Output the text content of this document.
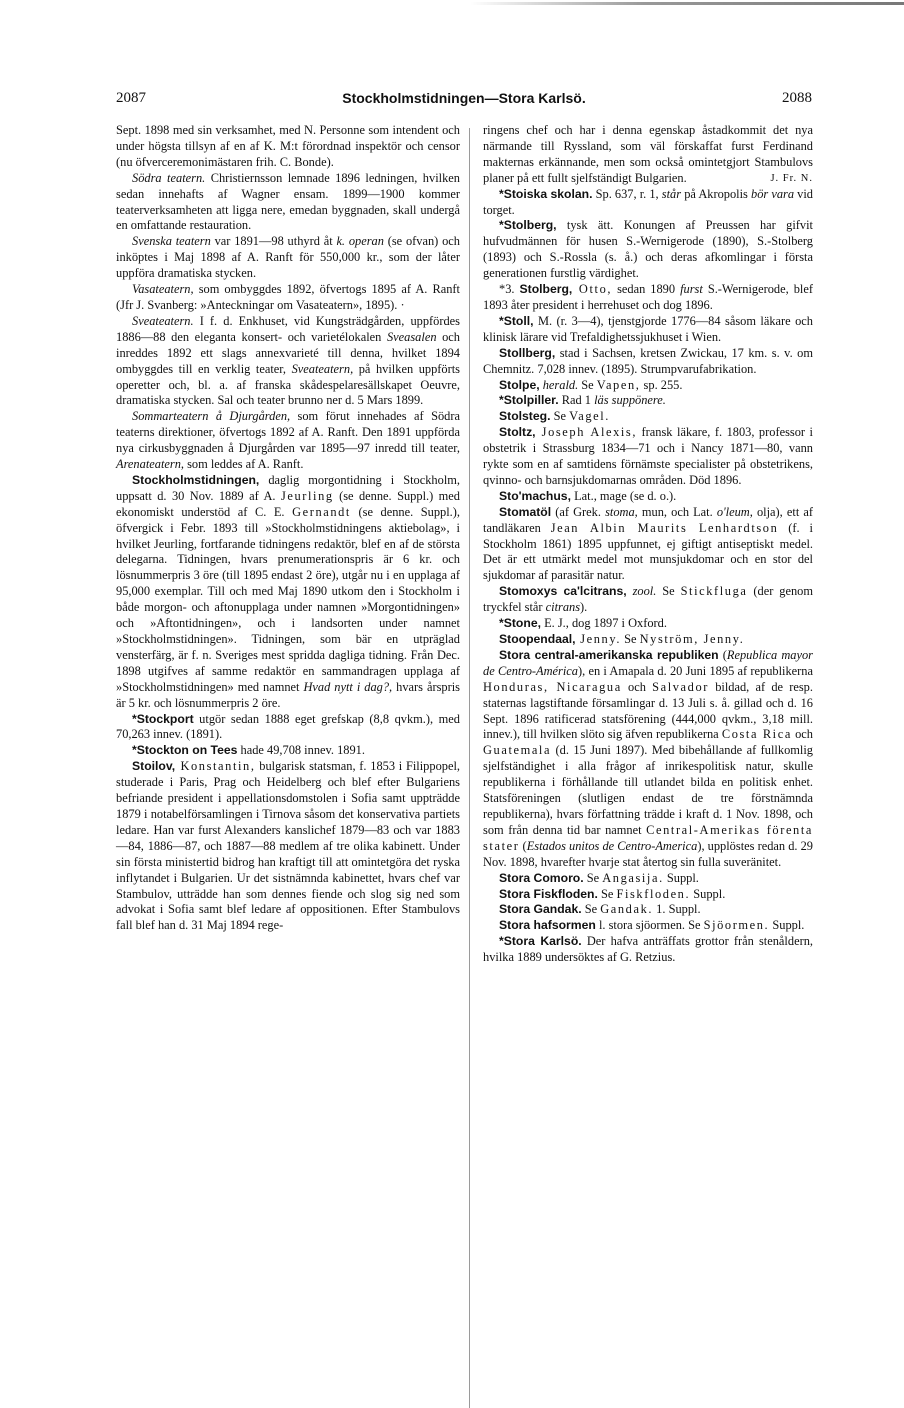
2087	Stockholmstidningen—Stora Karlsö.	2088

Sept. 1898 med sin verksamhet, med N. Personne som intendent och under högsta tillsyn af en af K. M:t förordnad inspektör och censor (nu öfverceremonimästaren frih. C. Bonde).

Södra teatern. Christiernsson lemnade 1896 ledningen, hvilken sedan innehafts af Wagner ensam. 1899—1900 kommer teaterverksamheten att ligga nere, emedan byggnaden, skall undergå en omfattande restauration.

Svenska teatern var 1891—98 uthyrd åt k. operan (se ofvan) och inköptes i Maj 1898 af A. Ranft för 550,000 kr., som der låter uppföra dramatiska stycken.

Vasateatern, som ombyggdes 1892, öfvertogs 1895 af A. Ranft (Jfr J. Svanberg: »Anteckningar om Vasateatern», 1895). ·

Sveateatern. I f. d. Enkhuset, vid Kungsträdgården, uppfördes 1886—88 den eleganta konsert- och varietélokalen Sveasalen och inreddes 1892 ett slags annexvarieté till denna, hvilket 1894 ombyggdes till en verklig teater, Sveateatern, på hvilken uppförts operetter och, bl. a. af franska skådespelaresällskapet Oeuvre, dramatiska stycken. Sal och teater brunno ner d. 5 Mars 1899.

Sommarteatern å Djurgården, som förut innehades af Södra teaterns direktioner, öfvertogs 1892 af A. Ranft. Den 1891 uppförda nya cirkusbyggnaden å Djurgården var 1895—97 inredd till teater, Arenateatern, som leddes af A. Ranft.

Stockholmstidningen, daglig morgontidning i Stockholm, uppsatt d. 30 Nov. 1889 af A. Jeurling (se denne. Suppl.) med ekonomiskt understöd af C. E. Gernandt (se denne. Suppl.), öfvergick i Febr. 1893 till »Stockholmstidningens aktiebolag», i hvilket Jeurling, fortfarande tidningens redaktör, blef en af de största delegarna. Tidningen, hvars prenumerationspris är 6 kr. och lösnummerpris 3 öre (till 1895 endast 2 öre), utgår nu i en upplaga af 95,000 exemplar. Till och med Maj 1890 utkom den i Stockholm i både morgon- och aftonupplaga under namnen »Morgontidningen» och »Aftontidningen», och i landsorten under namnet »Stockholmstidningen». Tidningen, som bär en utpräglad vensterfärg, är f. n. Sveriges mest spridda dagliga tidning. Från Dec. 1898 utgifves af samme redaktör en sammandragen upplaga af »Stockholmstidningen» med namnet Hvad nytt i dag?, hvars årspris är 5 kr. och lösnummerpris 2 öre.

*Stockport utgör sedan 1888 eget grefskap (8,8 qvkm.), med 70,263 innev. (1891).

*Stockton on Tees hade 49,708 innev. 1891.

Stoilov, Konstantin, bulgarisk statsman, f. 1853 i Filippopel, studerade i Paris, Prag och Heidelberg och blef efter Bulgariens befriande president i appellationsdomstolen i Sofia samt uppträdde 1879 i notabelförsamlingen i Tirnova såsom det konservativa partiets ledare. Han var furst Alexanders kanslichef 1879—83 och var 1883 —84, 1886—87, och 1887—88 medlem af tre olika kabinett. Under sin första ministertid bidrog han kraftigt till att omintetgöra det ryska inflytandet i Bulgarien. Ur det sistnämnda kabinettet, hvars chef var Stambulov, utträdde han som dennes fiende och slog sig ned som advokat i Sofia samt blef ledare af oppositionen. Efter Stambulovs fall blef han d. 31 Maj 1894 rege-

ringens chef och har i denna egenskap åstadkommit det nya närmande till Ryssland, som väl förskaffat furst Ferdinand makternas erkännande, men som också omintetgjort Stambulovs planer på ett fullt sjelfständigt Bulgarien.	J. Fr. N.

*Stoiska skolan. Sp. 637, r. 1, står på Akropolis bör vara vid torget.

*Stolberg, tysk ätt. Konungen af Preussen har gifvit hufvudmännen för husen S.-Wernigerode (1890), S.-Stolberg (1893) och S.-Rossla (s. å.) och deras afkomlingar i första generationen furstlig värdighet.

*3. Stolberg, Otto, sedan 1890 furst S.-Wernigerode, blef 1893 åter president i herrehuset och dog 1896.

*Stoll, M. (r. 3—4), tjenstgjorde 1776—84 såsom läkare och klinisk lärare vid Trefaldighetssjukhuset i Wien.

Stollberg, stad i Sachsen, kretsen Zwickau, 17 km. s. v. om Chemnitz. 7,028 innev. (1895). Strumpvarufabrikation.

Stolpe, herald. Se Vapen, sp. 255.

*Stolpiller. Rad 1 läs suppönere.

Stolsteg. Se Vagel.

Stoltz, Joseph Alexis, fransk läkare, f. 1803, professor i obstetrik i Strassburg 1834—71 och i Nancy 1871—80, vann rykte som en af samtidens förnämste specialister på obstetrikens, qvinno- och barnsjukdomarnas områden. Död 1896.

Sto'machus, Lat., mage (se d. o.).

Stomatöl (af Grek. stoma, mun, och Lat. o'leum, olja), ett af tandläkaren Jean Albin Maurits Lenhardtson (f. i Stockholm 1861) 1895 uppfunnet, ej giftigt antiseptiskt medel. Det är ett utmärkt medel mot munsjukdomar och en stor del sjukdomar af parasitär natur.

Stomoxys ca'lcitrans, zool. Se Stickfluga (der genom tryckfel står citrans).

*Stone, E. J., dog 1897 i Oxford.

Stoopendaal, Jenny. Se Nyström, Jenny.

Stora central-amerikanska republiken (Republica mayor de Centro-América), en i Amapala d. 20 Juni 1895 af republikerna Honduras, Nicaragua och Salvador bildad, af de resp. staternas lagstiftande församlingar d. 13 Juli s. å. gillad och d. 16 Sept. 1896 ratificerad statsförening (444,000 qvkm., 3,18 mill. innev.), till hvilken slöto sig äfven republikerna Costa Rica och Guatemala (d. 15 Juni 1897). Med bibehållande af fullkomlig sjelfständighet i alla frågor af inrikespolitisk natur, skulle republikerna i förhållande till utlandet bilda en politisk enhet. Statsföreningen (slutligen endast de tre förstnämnda republikerna), hvars författning trädde i kraft d. 1 Nov. 1898, och som från denna tid bar namnet Central-Amerikas förenta stater (Estados unitos de Centro-America), upplöstes redan d. 29 Nov. 1898, hvarefter hvarje stat återtog sin fulla suveränitet.

Stora Comoro. Se Angasija. Suppl.

Stora Fiskfloden. Se Fiskfloden. Suppl.

Stora Gandak. Se Gandak. 1. Suppl.

Stora hafsormen l. stora sjöormen. Se Sjöormen. Suppl.

*Stora Karlsö. Der hafva anträffats grottor från stenåldern, hvilka 1889 undersöktes af G. Retzius.
